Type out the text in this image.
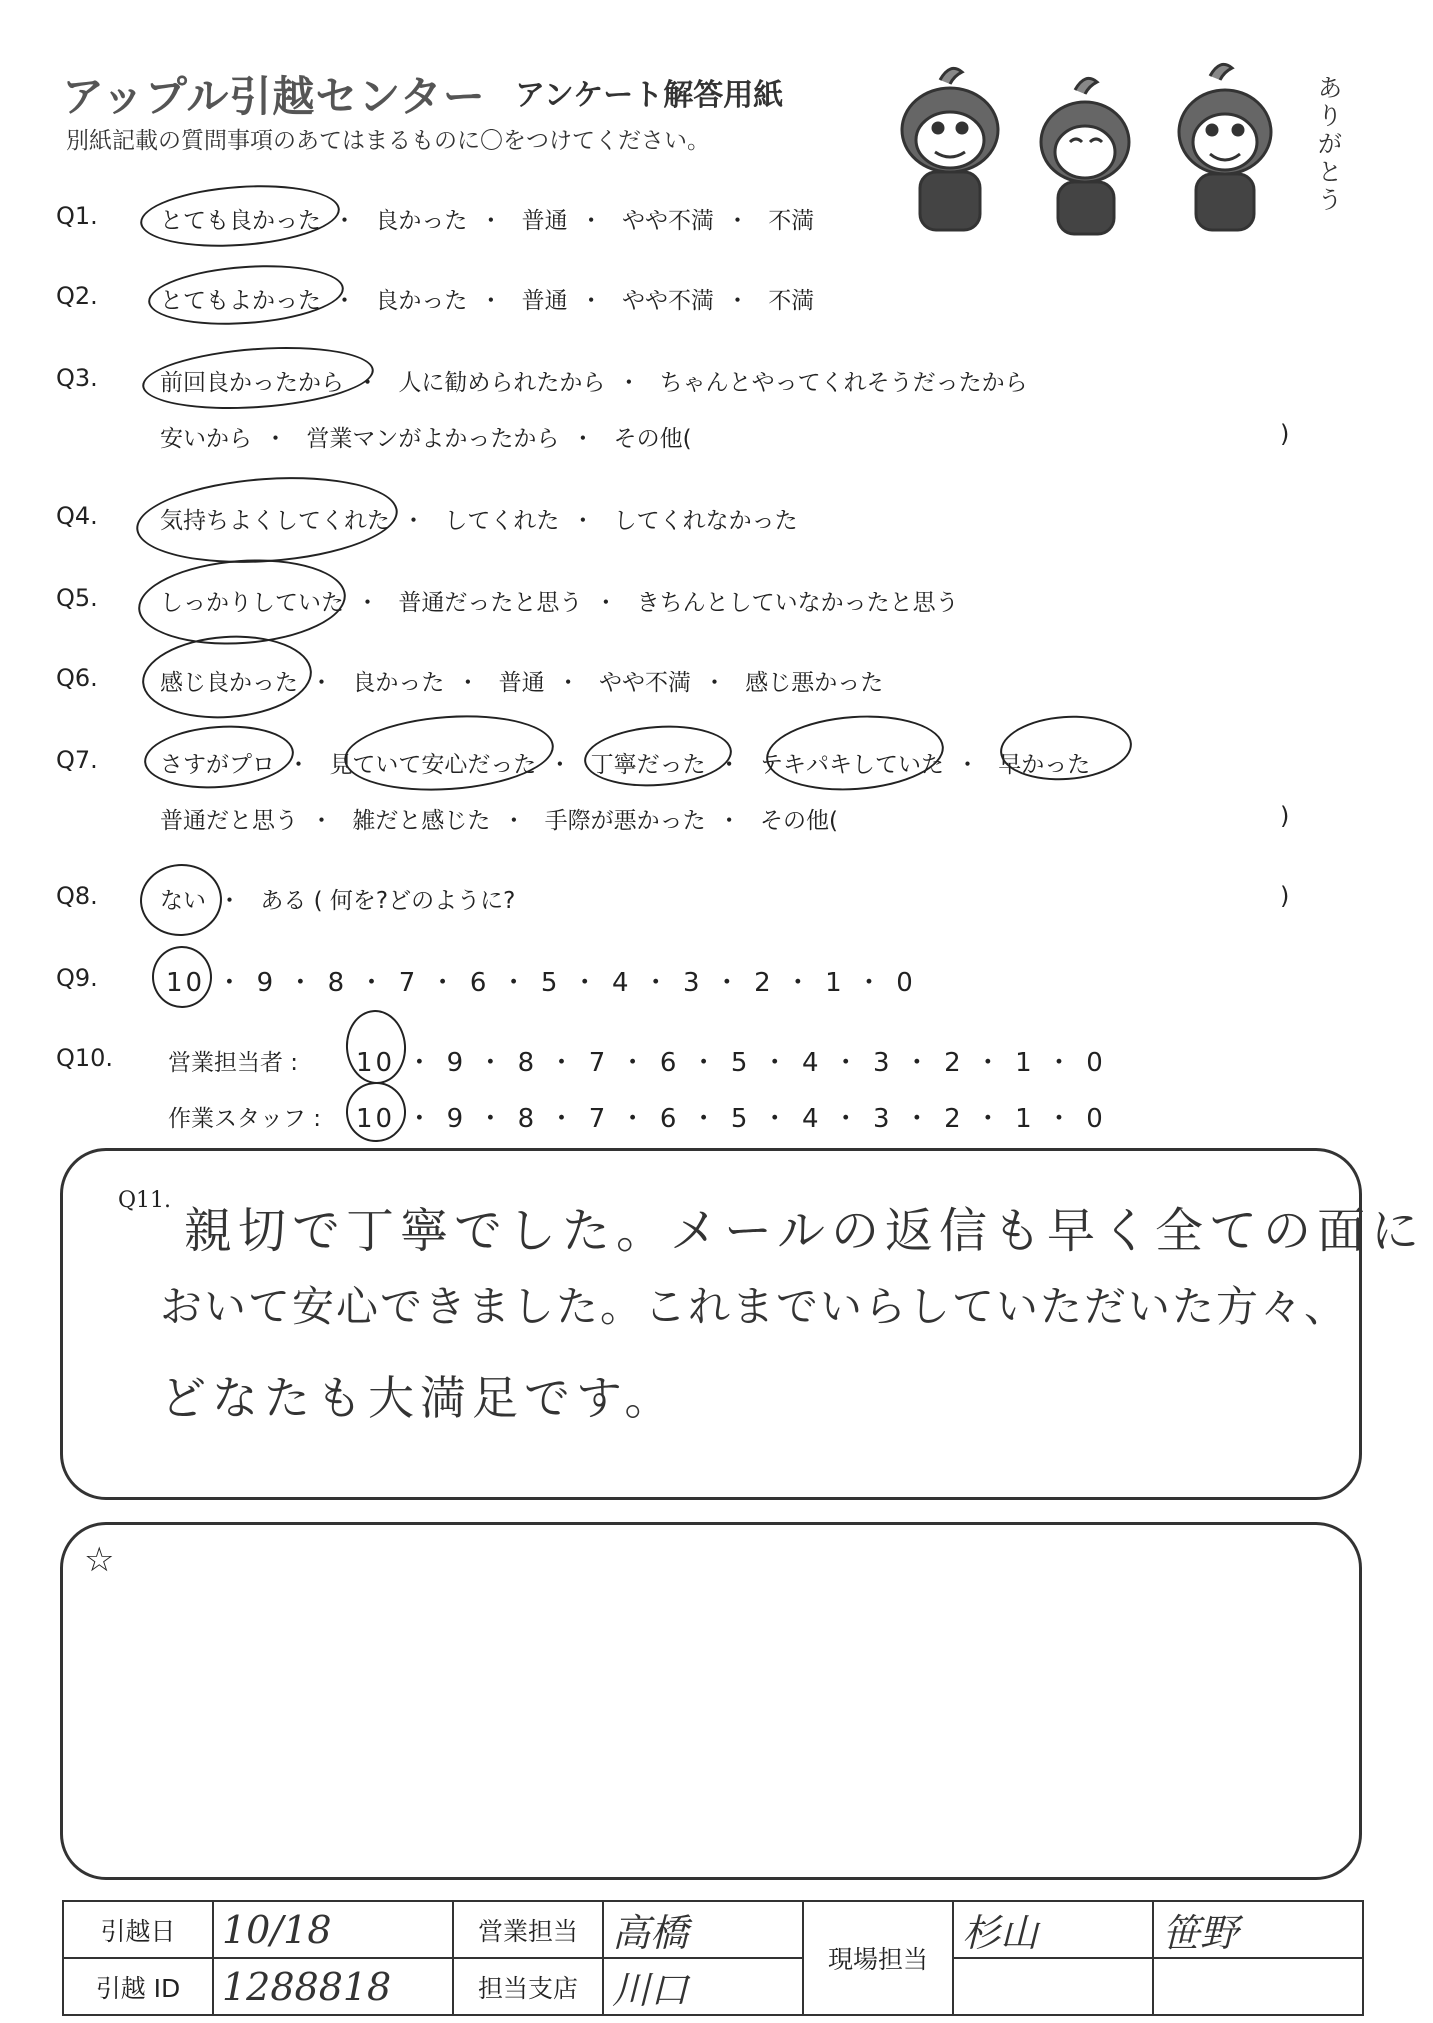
アップル引越センター アンケート解答用紙
別紙記載の質問事項のあてはまるものに〇をつけてください。
ありがとう
Q1.	とても良かった ・ 良かった ・ 普通 ・ やや不満 ・ 不満
Q2.	とてもよかった ・ 良かった ・ 普通 ・ やや不満 ・ 不満
Q3.	前回良かったから ・ 人に勧められたから ・ ちゃんとやってくれそうだったから
安いから ・ 営業マンがよかったから ・ その他(	)
Q4.	気持ちよくしてくれた ・ してくれた ・ してくれなかった
Q5.	しっかりしていた ・ 普通だったと思う ・ きちんとしていなかったと思う
Q6.	感じ良かった ・ 良かった ・ 普通 ・ やや不満 ・ 感じ悪かった
Q7.	さすがプロ ・ 見ていて安心だった ・ 丁寧だった ・ テキパキしていた ・ 早かった
普通だと思う ・ 雑だと感じた ・ 手際が悪かった ・ その他(	)
Q8.	ない ・ ある ( 何を?どのように?	)
Q9.	10 ・ 9 ・ 8 ・ 7 ・ 6 ・ 5 ・ 4 ・ 3 ・ 2 ・ 1 ・ 0
Q10. 営業担当者 : 10 ・ 9 ・ 8 ・ 7 ・ 6 ・ 5 ・ 4 ・ 3 ・ 2 ・ 1 ・ 0
作業スタッフ : 10 ・ 9 ・ 8 ・ 7 ・ 6 ・ 5 ・ 4 ・ 3 ・ 2 ・ 1 ・ 0
Q11.
親切で丁寧でした。メールの返信も早く全ての面に
おいて安心できました。これまでいらしていただいた方々、
どなたも大満足です。
☆
引越日	10/18	営業担当	高橋	現場担当	杉山	笹野
引越 ID	1288818	担当支店	川口			
